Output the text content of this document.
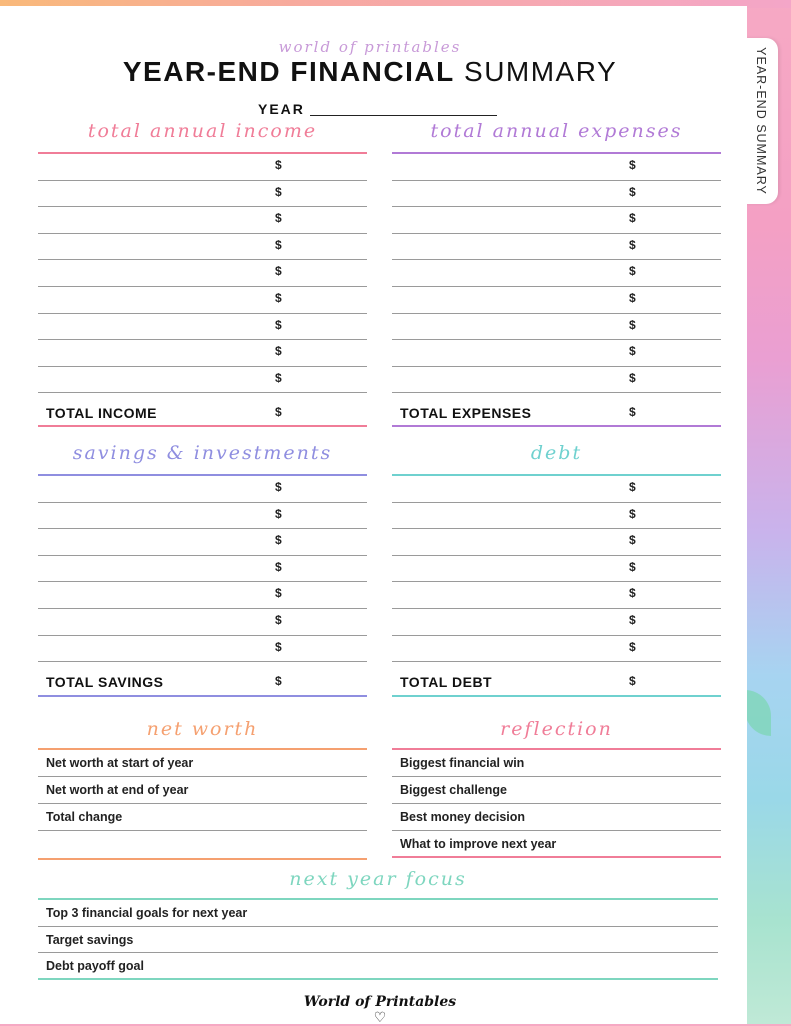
YEAR-END SUMMARY
world of printables
YEAR-END FINANCIAL SUMMARY
YEAR
total annual income
$
$
$
$
$
$
$
$
$
TOTAL INCOME	$
total annual expenses
$
$
$
$
$
$
$
$
$
TOTAL EXPENSES	$
savings & investments
$
$
$
$
$
$
$
TOTAL SAVINGS	$
debt
$
$
$
$
$
$
$
TOTAL DEBT	$
net worth
Net worth at start of year
Net worth at end of year
Total change
reflection
Biggest financial win
Biggest challenge
Best money decision
What to improve next year
next year focus
Top 3 financial goals for next year
Target savings
Debt payoff goal
World of Printables ♡
